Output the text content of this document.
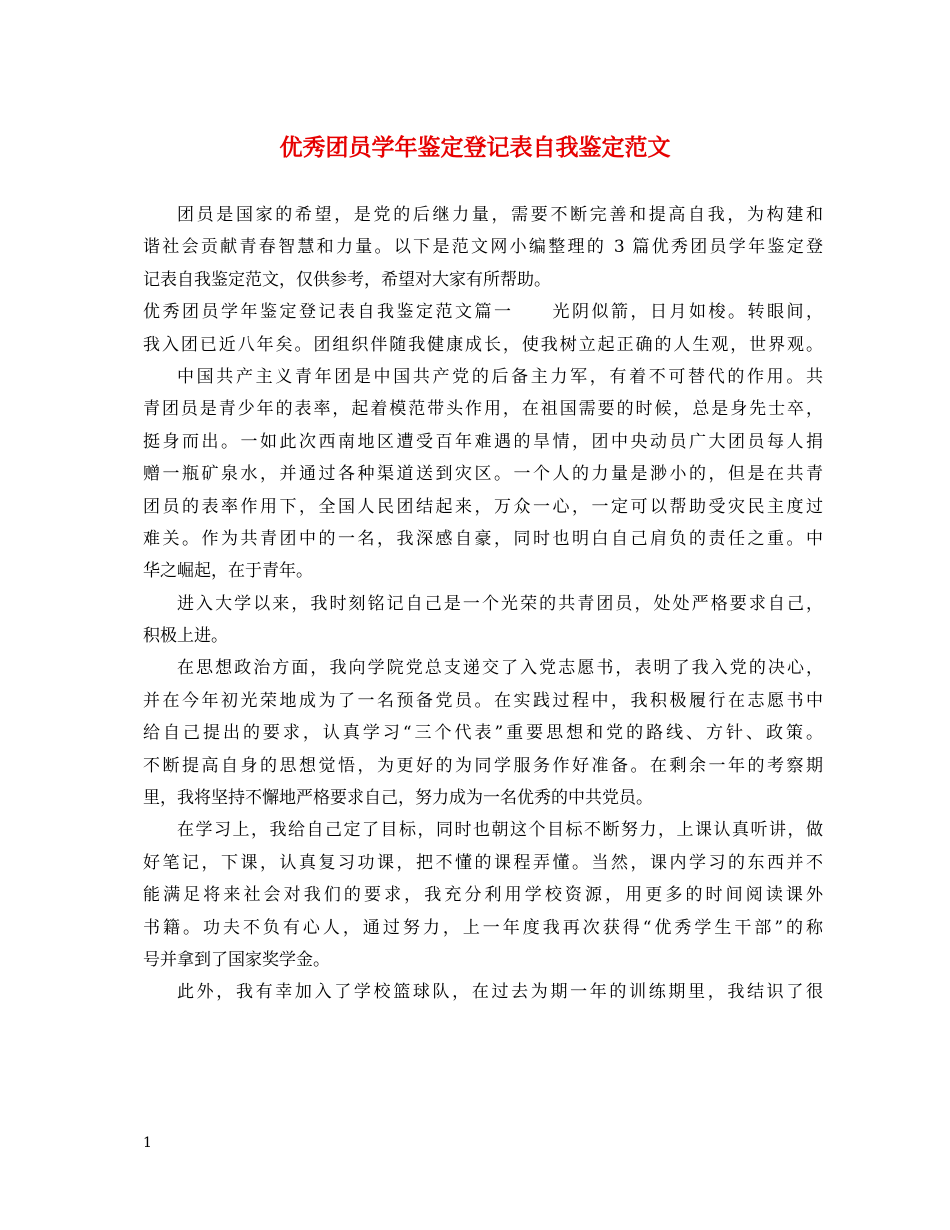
优秀团员学年鉴定登记表自我鉴定范文
团员是国家的希望，是党的后继力量，需要不断完善和提高自我，为构建和
谐社会贡献青春智慧和力量。以下是范文网小编整理的 3 篇优秀团员学年鉴定登
记表自我鉴定范文，仅供参考，希望对大家有所帮助。
优秀团员学年鉴定登记表自我鉴定范文篇一　　光阴似箭，日月如梭。转眼间，
我入团已近八年矣。团组织伴随我健康成长，使我树立起正确的人生观，世界观。
中国共产主义青年团是中国共产党的后备主力军，有着不可替代的作用。共
青团员是青少年的表率，起着模范带头作用，在祖国需要的时候，总是身先士卒，
挺身而出。一如此次西南地区遭受百年难遇的旱情，团中央动员广大团员每人捐
赠一瓶矿泉水，并通过各种渠道送到灾区。一个人的力量是渺小的，但是在共青
团员的表率作用下，全国人民团结起来，万众一心，一定可以帮助受灾民主度过
难关。作为共青团中的一名，我深感自豪，同时也明白自己肩负的责任之重。中
华之崛起，在于青年。
进入大学以来，我时刻铭记自己是一个光荣的共青团员，处处严格要求自己，
积极上进。
在思想政治方面，我向学院党总支递交了入党志愿书，表明了我入党的决心，
并在今年初光荣地成为了一名预备党员。在实践过程中，我积极履行在志愿书中
给自己提出的要求，认真学习“三个代表”重要思想和党的路线、方针、政策。
不断提高自身的思想觉悟，为更好的为同学服务作好准备。在剩余一年的考察期
里，我将坚持不懈地严格要求自己，努力成为一名优秀的中共党员。
在学习上，我给自己定了目标，同时也朝这个目标不断努力，上课认真听讲，做
好笔记，下课，认真复习功课，把不懂的课程弄懂。当然，课内学习的东西并不
能满足将来社会对我们的要求，我充分利用学校资源，用更多的时间阅读课外
书籍。功夫不负有心人，通过努力，上一年度我再次获得“优秀学生干部”的称
号并拿到了国家奖学金。
此外，我有幸加入了学校篮球队，在过去为期一年的训练期里，我结识了很
1
